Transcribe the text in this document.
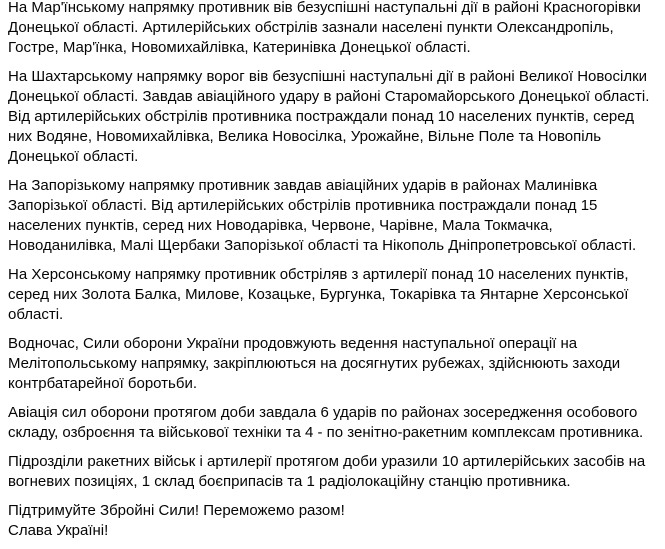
На Мар'їнському напрямку противник вів безуспішні наступальні дії в районі Красногорівки
Донецької області. Артилерійських обстрілів зазнали населені пункти Олександропіль,
Гостре, Мар'їнка, Новомихайлівка, Катеринівка Донецької області.
На Шахтарському напрямку ворог вів безуспішні наступальні дії в районі Великої Новосілки
Донецької області. Завдав авіаційного удару в районі Старомайорського Донецької області.
Від артилерійських обстрілів противника постраждали понад 10 населених пунктів, серед
них Водяне, Новомихайлівка, Велика Новосілка, Урожайне, Вільне Поле та Новопіль
Донецької області.
На Запорізькому напрямку противник завдав авіаційних ударів в районах Малинівка
Запорізької області. Від артилерійських обстрілів противника постраждали понад 15
населених пунктів, серед них Новодарівка, Червоне, Чарівне, Мала Токмачка,
Новоданилівка, Малі Щербаки Запорізької області та Нікополь Дніпропетровської області.
На Херсонському напрямку противник обстріляв з артилерії понад 10 населених пунктів,
серед них Золота Балка, Милове, Козацьке, Бургунка, Токарівка та Янтарне Херсонської
області.
Водночас, Сили оборони України продовжують ведення наступальної операції на
Мелітопольському напрямку, закріплюються на досягнутих рубежах, здійснюють заходи
контрбатарейної боротьби.
Авіація сил оборони протягом доби завдала 6 ударів по районах зосередження особового
складу, озброєння та військової техніки та 4 - по зенітно-ракетним комплексам противника.
Підрозділи ракетних військ і артилерії протягом доби уразили 10 артилерійських засобів на
вогневих позиціях, 1 склад боєприпасів та 1 радіолокаційну станцію противника.
Підтримуйте Збройні Сили! Переможемо разом!
Слава Україні!
